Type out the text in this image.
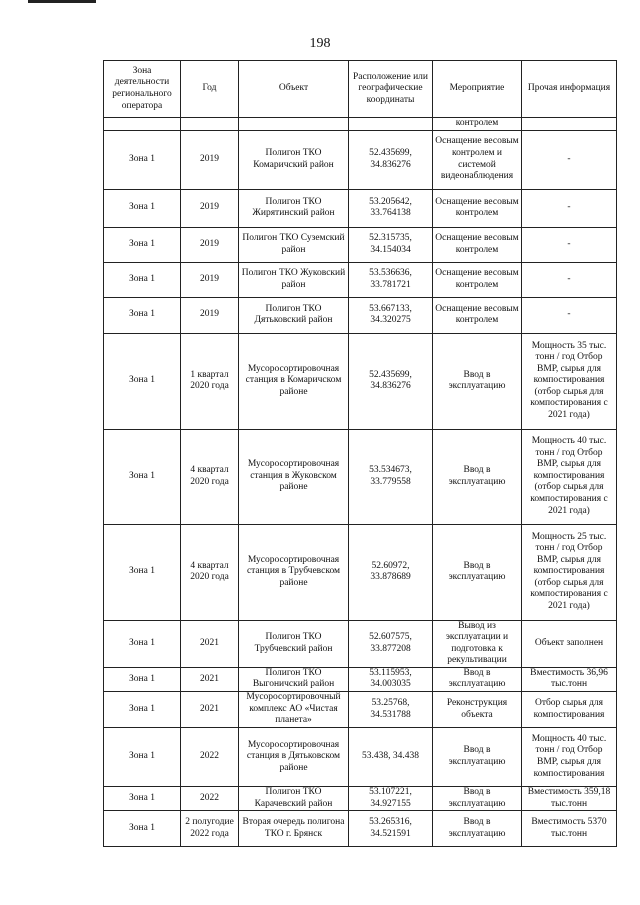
198
Зона деятельности регионального оператора	Год	Объект	Расположение или географические координаты	Мероприятие	Прочая информация
				контролем	
Зона 1	2019	Полигон ТКО Комаричский район	52.435699, 34.836276	Оснащение весовым контролем и системой видеонаблюдения	-
Зона 1	2019	Полигон ТКО Жирятинский район	53.205642, 33.764138	Оснащение весовым контролем	-
Зона 1	2019	Полигон ТКО Суземский район	52.315735, 34.154034	Оснащение весовым контролем	-
Зона 1	2019	Полигон ТКО Жуковский район	53.536636, 33.781721	Оснащение весовым контролем	-
Зона 1	2019	Полигон ТКО Дятьковский район	53.667133, 34.320275	Оснащение весовым контролем	-
Зона 1	1 квартал 2020 года	Мусоросортировочная станция в Комаричском районе	52.435699, 34.836276	Ввод в эксплуатацию	Мощность 35 тыс. тонн / год Отбор ВМР, сырья для компостирования (отбор сырья для компостирования с 2021 года)
Зона 1	4 квартал 2020 года	Мусоросортировочная станция в Жуковском районе	53.534673, 33.779558	Ввод в эксплуатацию	Мощность 40 тыс. тонн / год Отбор ВМР, сырья для компостирования (отбор сырья для компостирования с 2021 года)
Зона 1	4 квартал 2020 года	Мусоросортировочная станция в Трубчевском районе	52.60972, 33.878689	Ввод в эксплуатацию	Мощность 25 тыс. тонн / год Отбор ВМР, сырья для компостирования (отбор сырья для компостирования с 2021 года)
Зона 1	2021	Полигон ТКО Трубчевский район	52.607575, 33.877208	Вывод из эксплуатации и подготовка к рекультивации	Объект заполнен
Зона 1	2021	Полигон ТКО Выгоничский район	53.115953, 34.003035	Ввод в эксплуатацию	Вместимость 36,96 тыс.тонн
Зона 1	2021	Мусоросортировочный комплекс АО «Чистая планета»	53.25768, 34.531788	Реконструкция объекта	Отбор сырья для компостирования
Зона 1	2022	Мусоросортировочная станция в Дятьковском районе	53.438, 34.438	Ввод в эксплуатацию	Мощность 40 тыс. тонн / год Отбор ВМР, сырья для компостирования
Зона 1	2022	Полигон ТКО Карачевский район	53.107221, 34.927155	Ввод в эксплуатацию	Вместимость 359,18 тыс.тонн
Зона 1	2 полугодие 2022 года	Вторая очередь полигона ТКО г. Брянск	53.265316, 34.521591	Ввод в эксплуатацию	Вместимость 5370 тыс.тонн
